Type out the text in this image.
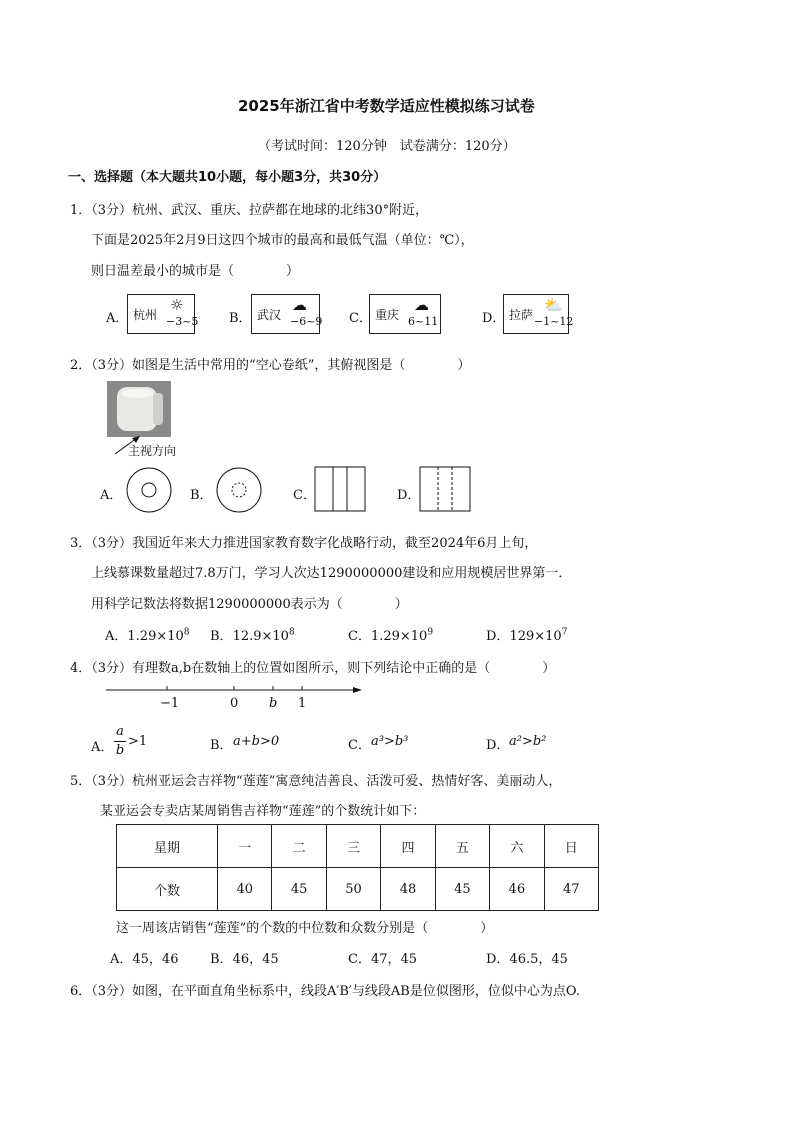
2025年浙江省中考数学适应性模拟练习试卷
（考试时间：120分钟　试卷满分：120分）
一、选择题（本大题共10小题，每小题3分，共30分）
1．（3分）杭州、武汉、重庆、拉萨都在地球的北纬30°附近，
下面是2025年2月9日这四个城市的最高和最低气温（单位：℃），
则日温差最小的城市是（　　　　）
A． 杭州
☼
−3~5 B． 武汉
☁
−6~9 C． 重庆
☁
6~11	D． 拉萨
⛅
−1~12
2．（3分）如图是生活中常用的“空心卷纸”，其俯视图是（　　　　）
主视方向
A．	B．	C．	D．
3．（3分）我国近年来大力推进国家教育数字化战略行动，截至2024年6月上旬，
上线慕课数量超过7.8万门，学习人次达1290000000建设和应用规模居世界第一．
用科学记数法将数据1290000000表示为（　　　　）
A．$1.29\times 10^8$ B．$12.9\times 10^8$	C．$1.29\times 10^9$	D．$129\times 10^7$
4．（3分）有理数a,b在数轴上的位置如图所示，则下列结论中正确的是（　　　　）
−1	0 b 1
A．
a
b
>1	B． a+b>0	C． a³>b³	D． a²>b²
5．（3分）杭州亚运会吉祥物“莲莲”寓意纯洁善良、活泼可爱、热情好客、美丽动人，
某亚运会专卖店某周销售吉祥物“莲莲”的个数统计如下：
星期	一	二	三	四	五	六	日
个数	40	45	50	48	45	46	47
这一周该店销售“莲莲”的个数的中位数和众数分别是（　　　　）
A．45，46 B．46，45	C．47，45	D．46.5，45
6．（3分）如图，在平面直角坐标系中，线段A′B′与线段AB是位似图形，位似中心为点O.
